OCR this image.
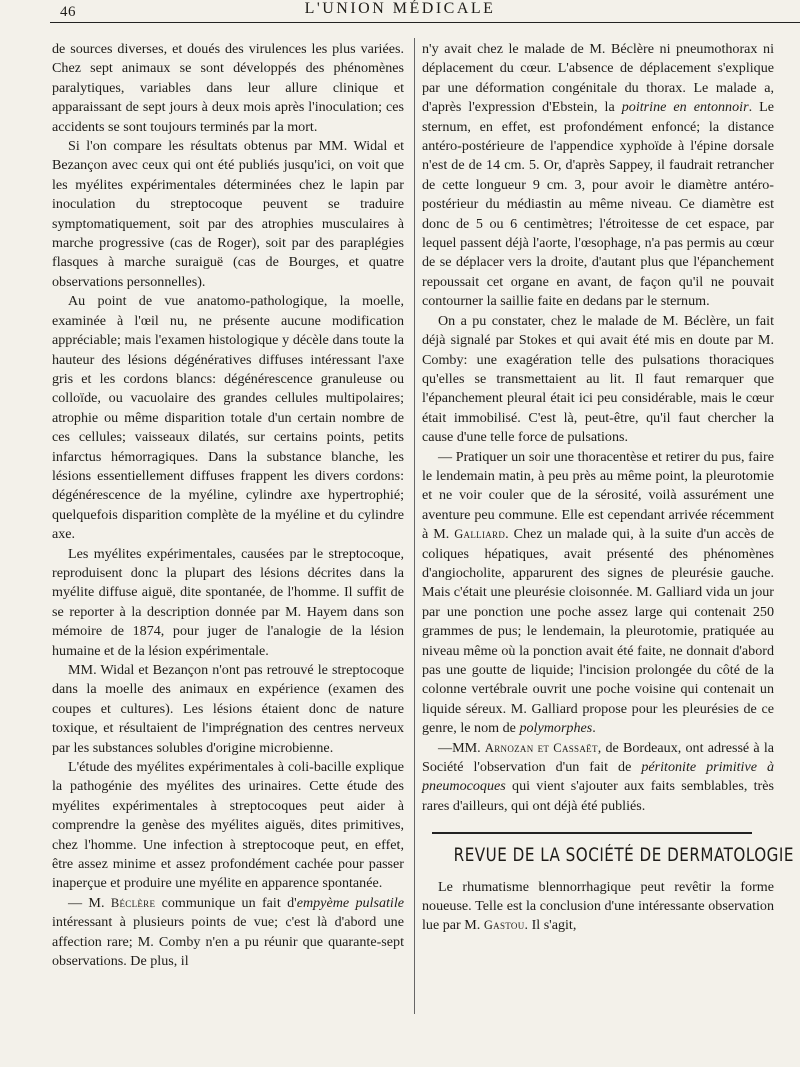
46	L'UNION MÉDICALE

de sources diverses, et doués des virulences les plus variées. Chez sept animaux se sont développés des phénomènes paralytiques, variables dans leur allure clinique et apparaissant de sept jours à deux mois après l'inoculation; ces accidents se sont toujours terminés par la mort.

Si l'on compare les résultats obtenus par MM. Widal et Bezançon avec ceux qui ont été publiés jusqu'ici, on voit que les myélites expérimentales déterminées chez le lapin par inoculation du streptocoque peuvent se traduire symptomatiquement, soit par des atrophies musculaires à marche progressive (cas de Roger), soit par des paraplégies flasques à marche suraiguë (cas de Bourges, et quatre observations personnelles).

Au point de vue anatomo-pathologique, la moelle, examinée à l'œil nu, ne présente aucune modification appréciable; mais l'examen histologique y décèle dans toute la hauteur des lésions dégénératives diffuses intéressant l'axe gris et les cordons blancs: dégénérescence granuleuse ou colloïde, ou vacuolaire des grandes cellules multipolaires; atrophie ou même disparition totale d'un certain nombre de ces cellules; vaisseaux dilatés, sur certains points, petits infarctus hémorragiques. Dans la substance blanche, les lésions essentiellement diffuses frappent les divers cordons: dégénérescence de la myéline, cylindre axe hypertrophié; quelquefois disparition complète de la myéline et du cylindre axe.

Les myélites expérimentales, causées par le streptocoque, reproduisent donc la plupart des lésions décrites dans la myélite diffuse aiguë, dite spontanée, de l'homme. Il suffit de se reporter à la description donnée par M. Hayem dans son mémoire de 1874, pour juger de l'analogie de la lésion humaine et de la lésion expérimentale.

MM. Widal et Bezançon n'ont pas retrouvé le streptocoque dans la moelle des animaux en expérience (examen des coupes et cultures). Les lésions étaient donc de nature toxique, et résultaient de l'imprégnation des centres nerveux par les substances solubles d'origine microbienne.

L'étude des myélites expérimentales à coli-bacille explique la pathogénie des myélites des urinaires. Cette étude des myélites expérimentales à streptocoques peut aider à comprendre la genèse des myélites aiguës, dites primitives, chez l'homme. Une infection à streptocoque peut, en effet, être assez minime et assez profondément cachée pour passer inaperçue et produire une myélite en apparence spontanée.

— M. Béclère communique un fait d'empyème pulsatile intéressant à plusieurs points de vue; c'est là d'abord une affection rare; M. Comby n'en a pu réunir que quarante-sept observations. De plus, il

n'y avait chez le malade de M. Béclère ni pneumothorax ni déplacement du cœur. L'absence de déplacement s'explique par une déformation congénitale du thorax. Le malade a, d'après l'expression d'Ebstein, la poitrine en entonnoir. Le sternum, en effet, est profondément enfoncé; la distance antéro-postérieure de l'appendice xyphoïde à l'épine dorsale n'est de de 14 cm. 5. Or, d'après Sappey, il faudrait retrancher de cette longueur 9 cm. 3, pour avoir le diamètre antéro-postérieur du médiastin au même niveau. Ce diamètre est donc de 5 ou 6 centimètres; l'étroitesse de cet espace, par lequel passent déjà l'aorte, l'œsophage, n'a pas permis au cœur de se déplacer vers la droite, d'autant plus que l'épanchement repoussait cet organe en avant, de façon qu'il ne pouvait contourner la saillie faite en dedans par le sternum.

On a pu constater, chez le malade de M. Béclère, un fait déjà signalé par Stokes et qui avait été mis en doute par M. Comby: une exagération telle des pulsations thoraciques qu'elles se transmettaient au lit. Il faut remarquer que l'épanchement pleural était ici peu considérable, mais le cœur était immobilisé. C'est là, peut-être, qu'il faut chercher la cause d'une telle force de pulsations.

— Pratiquer un soir une thoracentèse et retirer du pus, faire le lendemain matin, à peu près au même point, la pleurotomie et ne voir couler que de la sérosité, voilà assurément une aventure peu commune. Elle est cependant arrivée récemment à M. Galliard. Chez un malade qui, à la suite d'un accès de coliques hépatiques, avait présenté des phénomènes d'angiocholite, apparurent des signes de pleurésie gauche. Mais c'était une pleurésie cloisonnée. M. Galliard vida un jour par une ponction une poche assez large qui contenait 250 grammes de pus; le lendemain, la pleurotomie, pratiquée au niveau même où la ponction avait été faite, ne donnait d'abord pas une goutte de liquide; l'incision prolongée du côté de la colonne vertébrale ouvrit une poche voisine qui contenait un liquide séreux. M. Galliard propose pour les pleurésies de ce genre, le nom de polymorphes.

—MM. Arnozan et Cassaët, de Bordeaux, ont adressé à la Société l'observation d'un fait de péritonite primitive à pneumocoques qui vient s'ajouter aux faits semblables, très rares d'ailleurs, qui ont déjà été publiés.

REVUE DE LA SOCIÉTÉ DE DERMATOLOGIE

Le rhumatisme blennorrhagique peut revêtir la forme noueuse. Telle est la conclusion d'une intéressante observation lue par M. Gastou. Il s'agit,
